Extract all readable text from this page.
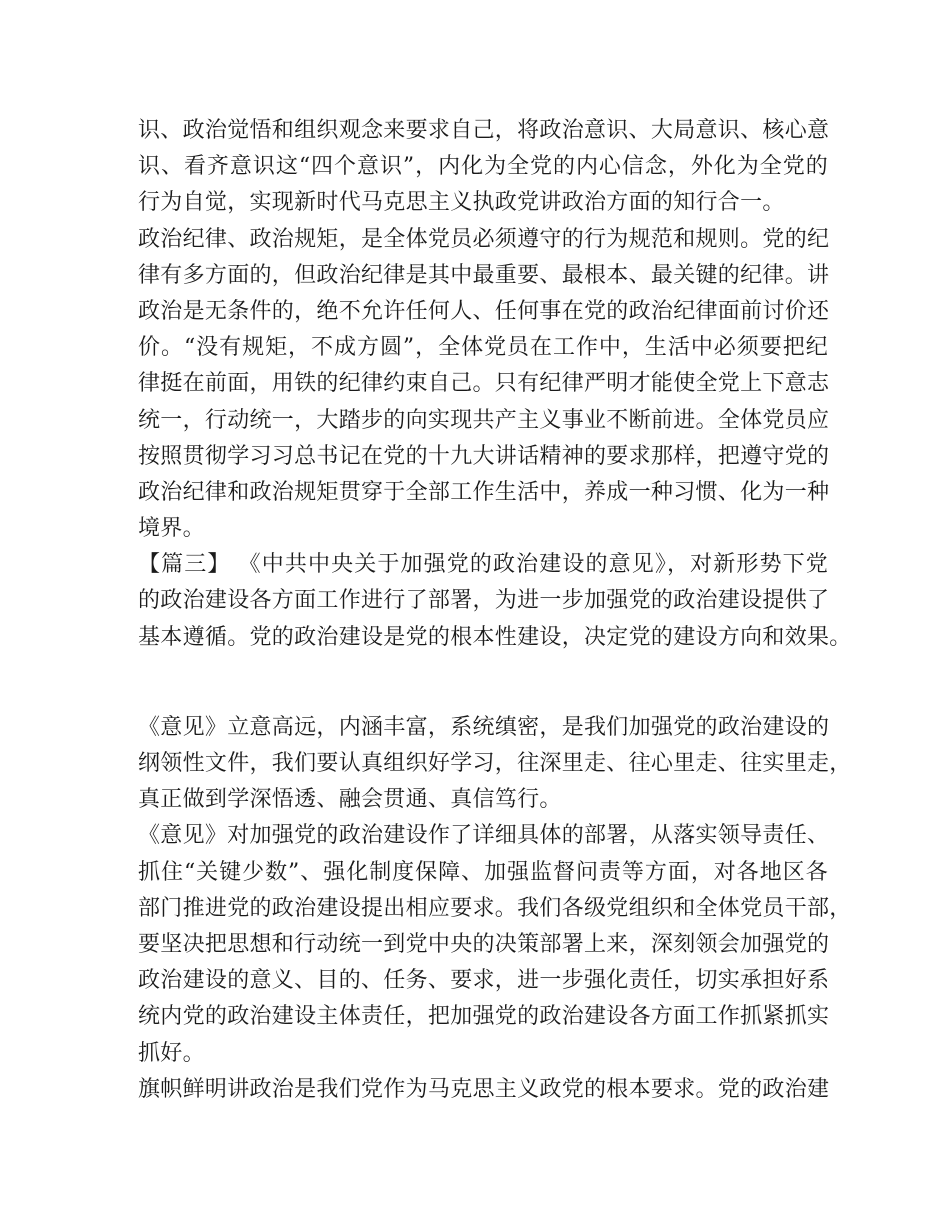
识、政治觉悟和组织观念来要求自己，将政治意识、大局意识、核心意
识、看齐意识这“四个意识”，内化为全党的内心信念，外化为全党的
行为自觉，实现新时代马克思主义执政党讲政治方面的知行合一。
政治纪律、政治规矩，是全体党员必须遵守的行为规范和规则。党的纪
律有多方面的，但政治纪律是其中最重要、最根本、最关键的纪律。讲
政治是无条件的，绝不允许任何人、任何事在党的政治纪律面前讨价还
价。“没有规矩，不成方圆”，全体党员在工作中，生活中必须要把纪
律挺在前面，用铁的纪律约束自己。只有纪律严明才能使全党上下意志
统一，行动统一，大踏步的向实现共产主义事业不断前进。全体党员应
按照贯彻学习习总书记在党的十九大讲话精神的要求那样，把遵守党的
政治纪律和政治规矩贯穿于全部工作生活中，养成一种习惯、化为一种
境界。
【篇三】 《中共中央关于加强党的政治建设的意见》，对新形势下党
的政治建设各方面工作进行了部署，为进一步加强党的政治建设提供了
基本遵循。党的政治建设是党的根本性建设，决定党的建设方向和效果。
《意见》立意高远，内涵丰富，系统缜密，是我们加强党的政治建设的
纲领性文件，我们要认真组织好学习，往深里走、往心里走、往实里走，
真正做到学深悟透、融会贯通、真信笃行。
《意见》对加强党的政治建设作了详细具体的部署，从落实领导责任、
抓住“关键少数”、强化制度保障、加强监督问责等方面，对各地区各
部门推进党的政治建设提出相应要求。我们各级党组织和全体党员干部，
要坚决把思想和行动统一到党中央的决策部署上来，深刻领会加强党的
政治建设的意义、目的、任务、要求，进一步强化责任，切实承担好系
统内党的政治建设主体责任，把加强党的政治建设各方面工作抓紧抓实
抓好。
旗帜鲜明讲政治是我们党作为马克思主义政党的根本要求。党的政治建
